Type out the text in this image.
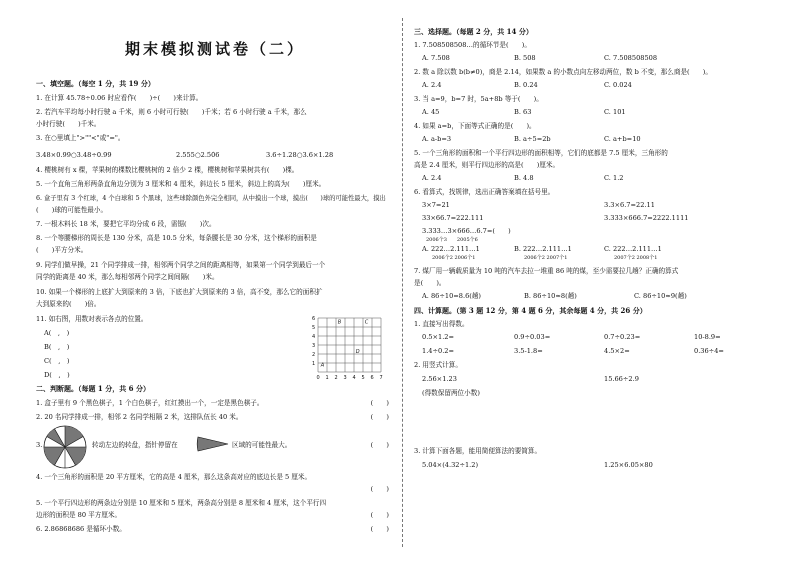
期末模拟测试卷（二）
一、填空题。（每空 1 分，共 19 分）
1. 在计算 45.78÷0.06 时应看作(　　)÷(　　)来计算。
2. 若汽车平均每小时行驶 a 千米，则 6 小时可行驶(　　)千米；若 6 小时行驶 a 千米，那么
小时行驶(　　)千米。
3. 在○里填上">""<"或"="。
3.48×0.99○3.48÷0.99	2.555○2.5̇0̇6	3.6÷1.28○3.6×1.28
4. 樱桃树有 x 棵，苹果树的棵数比樱桃树的 2 倍少 2 棵，樱桃树和苹果树共有(　　)棵。
5. 一个直角三角形两条直角边分别为 3 厘米和 4 厘米，斜边长 5 厘米，斜边上的高为(　　)厘米。
6. 盒子里有 3 个红球，4 个白球和 5 个黑球，这些球除颜色外完全相同，从中摸出一个球，摸出(　　)球的可能性最大，摸出
(　　)球的可能性最小。
7. 一根木料长 18 米，要把它平均分成 6 段，需锯(　　)次。
8. 一个等腰梯形的周长是 130 分米，高是 10.5 分米，每条腰长是 30 分米，这个梯形的面积是
(　　)平方分米。
9. 同学们做早操，21 个同学排成一排，相邻两个同学之间的距离相等，如果第一个同学到最后一个
同学的距离是 40 米，那么每相邻两个同学之间间隔(　　)米。
10. 如果一个梯形的上底扩大到原来的 3 倍，下底也扩大到原来的 3 倍，高不变，那么它的面积扩
大到原来的(　　)倍。
11. 如右图，用数对表示各点的位置。
A(　,　)
B(　,　)
C(　,　)
D(　,　)
二、判断题。（每题 1 分，共 6 分）
1. 盒子里有 9 个黑色棋子，1 个白色棋子，红红摸出一个，一定是黑色棋子。	(　　)
2. 20 名同学排成一排，相邻 2 名同学相隔 2 米，这排队伍长 40 米。	(　　)
3.	转动左边的转盘，指针停留在	区域的可能性最大。	(　　)
4. 一个三角形的面积是 20 平方厘米，它的高是 4 厘米，那么这条高对应的底边长是 5 厘米。
(　　)
5. 一个平行四边形的两条边分别是 10 厘米和 5 厘米，两条高分别是 8 厘米和 4 厘米，这个平行四
边形的面积是 80 平方厘米。	(　　)
6. 2.86868686 是循环小数。	(　　)
0 1 2 3 4 5 6 7
1
2
3
4
5
6
A
B	C
D
三、选择题。（每题 2 分，共 14 分）
1. 7.508508508…的循环节是(　　)。
A. 7.508	B. 508	C. 7.508508508
2. 数 a 除以数 b(b≠0)，商是 2.14，如果数 a 的小数点向左移动两位，数 b 不变，那么商是(　　)。
A. 2.4	B. 0.24	C. 0.024
3. 当 a=9，b=7 时，5a+8b 等于(　　)。
A. 45	B. 63	C. 101
4. 如果 a=b，下面等式正确的是(　　)。
A. a-b=3	B. a÷5=2b	C. a+b=10
5. 一个三角形的面积和一个平行四边形的面积相等，它们的底都是 7.5 厘米，三角形的
高是 2.4 厘米，则平行四边形的高是(　　)厘米。
A. 2.4	B. 4.8	C. 1.2
6. 看算式，找规律，选出正确答案填在括号里。
3×7=21	3.3×6.7=22.11
33×66.7=222.111	3.333×666.7=2222.1111
3.333…3×666…6.7=(　　)
2006个3　　2005个6
A. 222…2.111…1	B. 222…2.111…1	C. 222…2.111…1
2006个2 2006个1	2006个2 2007个1	2007个2 2008个1
7. 煤厂用一辆载质量为 10 吨的汽车去拉一堆重 86 吨的煤，至少需要拉几趟？正确的算式
是(　　)。
A. 86÷10=8.6(趟)	B. 86÷10≈8(趟)	C. 86÷10≈9(趟)
四、计算题。（第 3 题 12 分，第 4 题 6 分，其余每题 4 分，共 26 分）
1. 直接写出得数。
0.5×1.2=	0.9÷0.03=	0.7÷0.23=	10-8.9=
1.4÷0.2=	3.5-1.8=	4.5×2=	0.36÷4=
2. 用竖式计算。
2.56×1.23	15.66÷2.9
(得数保留两位小数)
3. 计算下面各题，能用简便算法的要简算。
5.04×(4.32÷1.2)	1.25×6.05×80
